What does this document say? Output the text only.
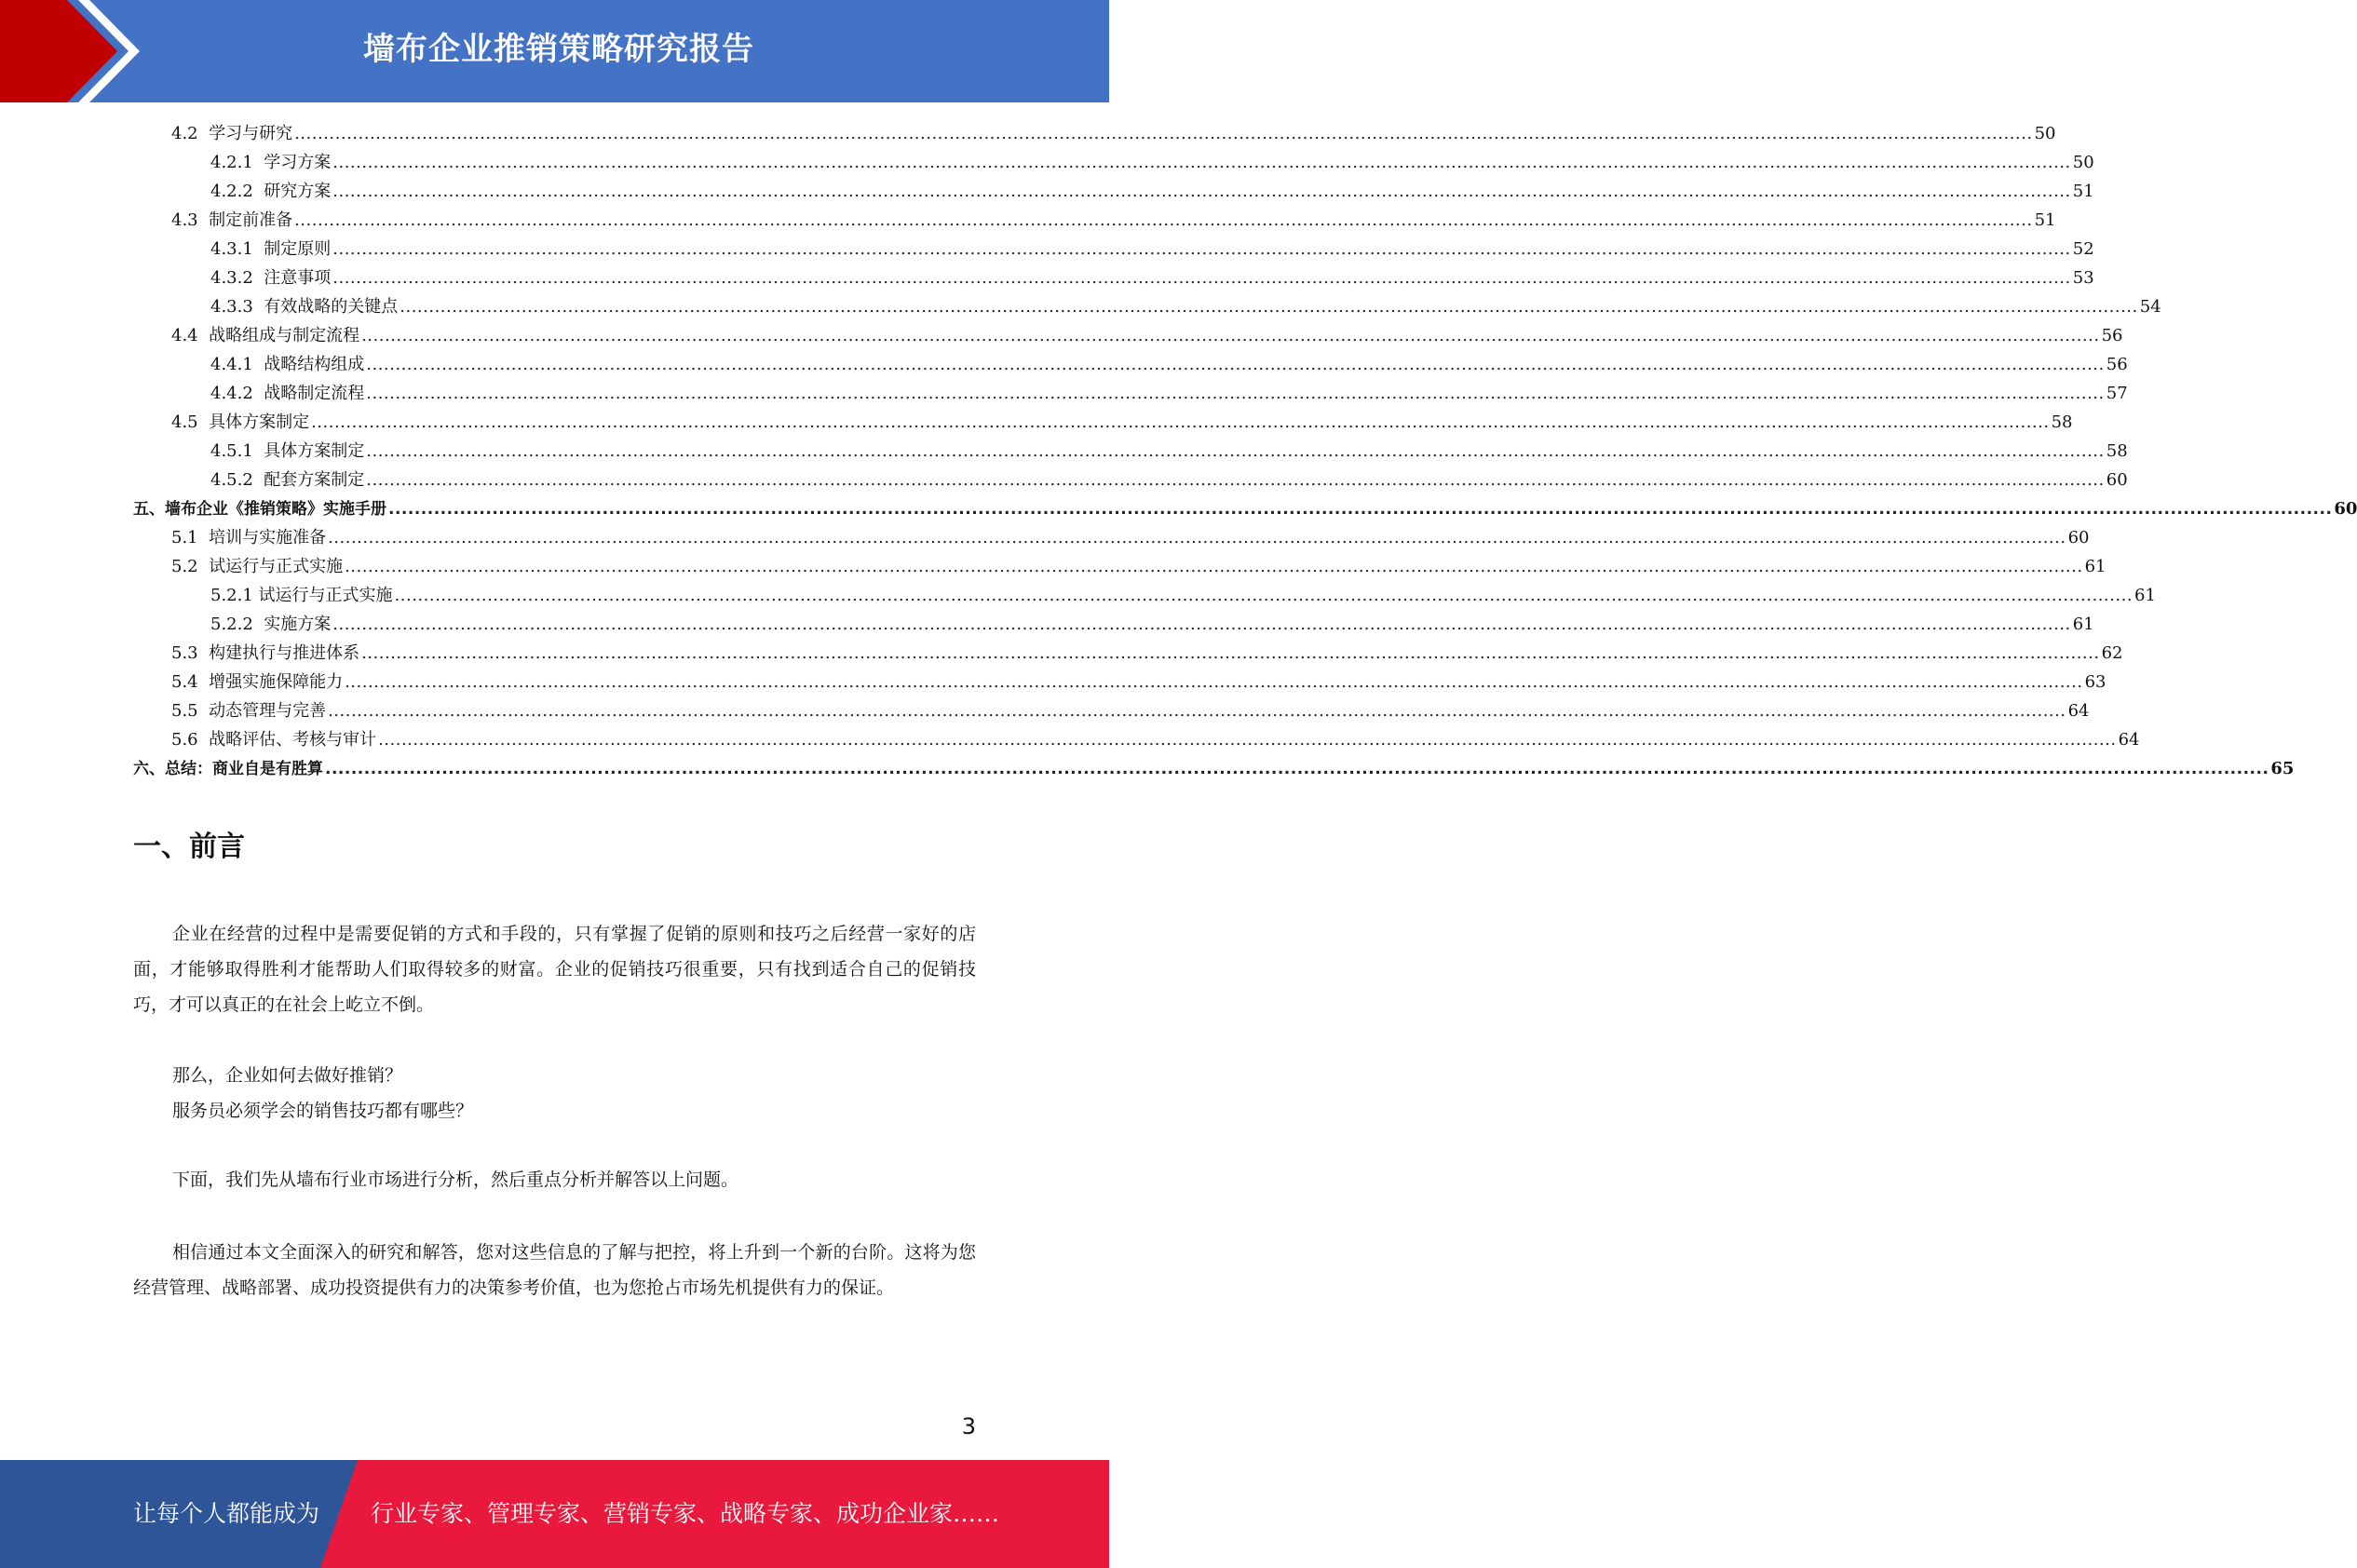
墙布企业推销策略研究报告
4.2 学习与研究 ............................................................................................................................................................................................................................................................................................................ 50
4.2.1 学习方案 ............................................................................................................................................................................................................................................................................................................ 50
4.2.2 研究方案 ............................................................................................................................................................................................................................................................................................................ 51
4.3 制定前准备 ............................................................................................................................................................................................................................................................................................................ 51
4.3.1 制定原则 ............................................................................................................................................................................................................................................................................................................ 52
4.3.2 注意事项 ............................................................................................................................................................................................................................................................................................................ 53
4.3.3 有效战略的关键点 ............................................................................................................................................................................................................................................................................................................ 54
4.4 战略组成与制定流程 ............................................................................................................................................................................................................................................................................................................ 56
4.4.1 战略结构组成 ............................................................................................................................................................................................................................................................................................................ 56
4.4.2 战略制定流程 ............................................................................................................................................................................................................................................................................................................ 57
4.5 具体方案制定 ............................................................................................................................................................................................................................................................................................................ 58
4.5.1 具体方案制定 ............................................................................................................................................................................................................................................................................................................ 58
4.5.2 配套方案制定 ............................................................................................................................................................................................................................................................................................................ 60
五、墙布企业《推销策略》实施手册 ............................................................................................................................................................................................................................................................................................................ 60
5.1 培训与实施准备 ............................................................................................................................................................................................................................................................................................................ 60
5.2 试运行与正式实施 ............................................................................................................................................................................................................................................................................................................ 61
5.2.1 试运行与正式实施 ............................................................................................................................................................................................................................................................................................................ 61
5.2.2 实施方案 ............................................................................................................................................................................................................................................................................................................ 61
5.3 构建执行与推进体系 ............................................................................................................................................................................................................................................................................................................ 62
5.4 增强实施保障能力 ............................................................................................................................................................................................................................................................................................................ 63
5.5 动态管理与完善 ............................................................................................................................................................................................................................................................................................................ 64
5.6 战略评估、考核与审计 ............................................................................................................................................................................................................................................................................................................ 64
六、总结：商业自是有胜算 ............................................................................................................................................................................................................................................................................................................ 65
一、前言
企业在经营的过程中是需要促销的方式和手段的，只有掌握了促销的原则和技巧之后经营一家好的店面，才能够取得胜利才能帮助人们取得较多的财富。企业的促销技巧很重要，只有找到适合自己的促销技巧，才可以真正的在社会上屹立不倒。
那么，企业如何去做好推销？
服务员必须学会的销售技巧都有哪些？
下面，我们先从墙布行业市场进行分析，然后重点分析并解答以上问题。
相信通过本文全面深入的研究和解答，您对这些信息的了解与把控，将上升到一个新的台阶。这将为您经营管理、战略部署、成功投资提供有力的决策参考价值，也为您抢占市场先机提供有力的保证。
3
让每个人都能成为 行业专家、管理专家、营销专家、战略专家、成功企业家……
